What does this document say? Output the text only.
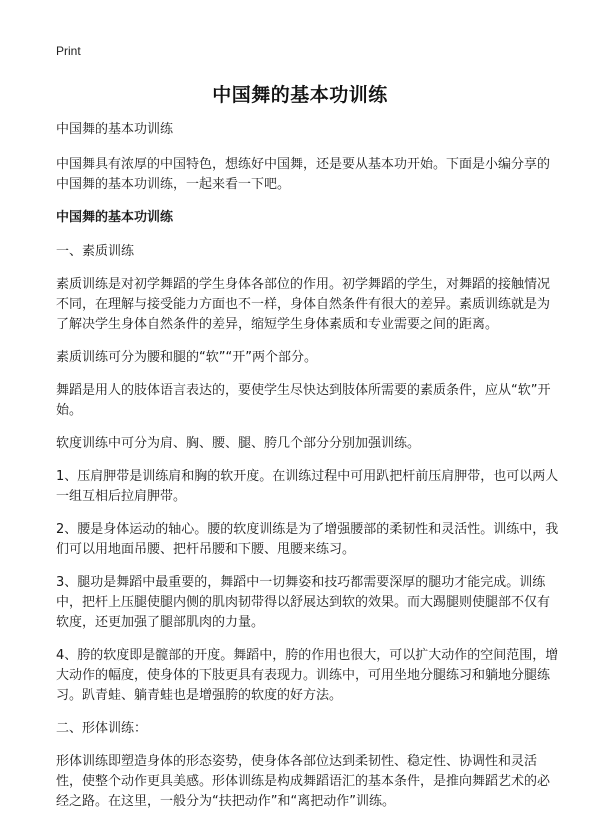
Print
中国舞的基本功训练

中国舞的基本功训练

中国舞具有浓厚的中国特色，想练好中国舞，还是要从基本功开始。下面是小编分享的中国舞的基本功训练，一起来看一下吧。

中国舞的基本功训练

一、素质训练

素质训练是对初学舞蹈的学生身体各部位的作用。初学舞蹈的学生，对舞蹈的接触情况不同，在理解与接受能力方面也不一样，身体自然条件有很大的差异。素质训练就是为了解决学生身体自然条件的差异，缩短学生身体素质和专业需要之间的距离。

素质训练可分为腰和腿的“软”“开”两个部分。

舞蹈是用人的肢体语言表达的，要使学生尽快达到肢体所需要的素质条件，应从“软”开始。

软度训练中可分为肩、胸、腰、腿、胯几个部分分别加强训练。

1、压肩胛带是训练肩和胸的软开度。在训练过程中可用趴把杆前压肩胛带，也可以两人一组互相后拉肩胛带。

2、腰是身体运动的轴心。腰的软度训练是为了增强腰部的柔韧性和灵活性。训练中，我们可以用地面吊腰、把杆吊腰和下腰、甩腰来练习。

3、腿功是舞蹈中最重要的，舞蹈中一切舞姿和技巧都需要深厚的腿功才能完成。训练中，把杆上压腿使腿内侧的肌肉韧带得以舒展达到软的效果。而大踢腿则使腿部不仅有软度，还更加强了腿部肌肉的力量。

4、胯的软度即是髋部的开度。舞蹈中，胯的作用也很大，可以扩大动作的空间范围，增大动作的幅度，使身体的下肢更具有表现力。训练中，可用坐地分腿练习和躺地分腿练习。趴青蛙、躺青蛙也是增强胯的软度的好方法。

二、形体训练：

形体训练即塑造身体的形态姿势，使身体各部位达到柔韧性、稳定性、协调性和灵活性，使整个动作更具美感。形体训练是构成舞蹈语汇的基本条件，是推向舞蹈艺术的必经之路。在这里，一般分为“扶把动作”和“离把动作”训练。
